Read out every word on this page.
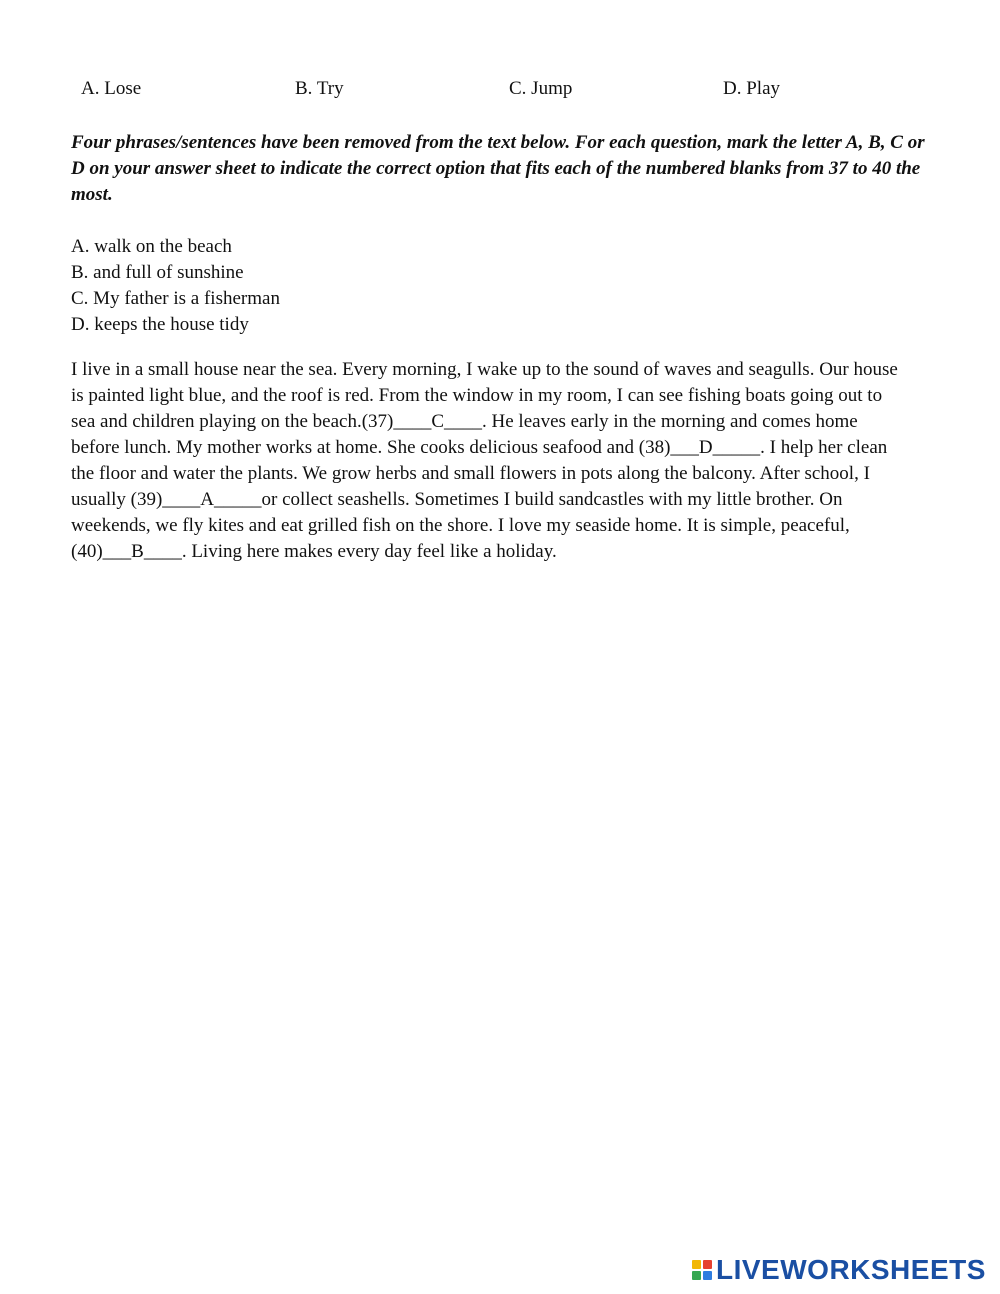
A. Lose	B. Try	C. Jump	D. Play
Four phrases/sentences have been removed from the text below. For each question, mark the letter A, B, C or D on your answer sheet to indicate the correct option that fits each of the numbered blanks from 37 to 40 the most.
A. walk on the beach
B. and full of sunshine
C. My father is a fisherman
D. keeps the house tidy
I live in a small house near the sea. Every morning, I wake up to the sound of waves and seagulls. Our house
is painted light blue, and the roof is red. From the window in my room, I can see fishing boats going out to
sea and children playing on the beach.(37)____C____. He leaves early in the morning and comes home
before lunch. My mother works at home. She cooks delicious seafood and (38)___D_____. I help her clean
the floor and water the plants. We grow herbs and small flowers in pots along the balcony. After school, I
usually (39)____A_____or collect seashells. Sometimes I build sandcastles with my little brother. On
weekends, we fly kites and eat grilled fish on the shore. I love my seaside home. It is simple, peaceful,
(40)___B____. Living here makes every day feel like a holiday.
LIVEWORKSHEETS
